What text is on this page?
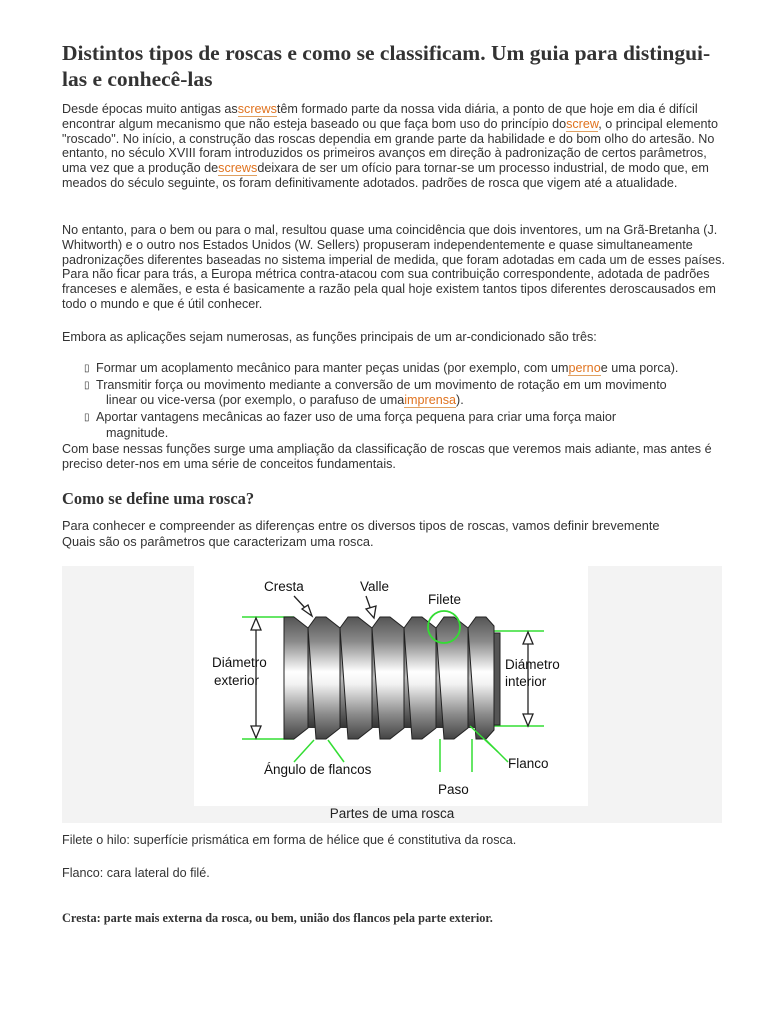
Distintos tipos de roscas e como se classificam. Um guia para distingui-las e conhecê-las

Desde épocas muito antigas asscrewstêm formado parte da nossa vida diária, a ponto de que hoje em dia é difícil encontrar algum mecanismo que não esteja baseado ou que faça bom uso do princípio doscrew, o principal elemento "roscado". No início, a construção das roscas dependia em grande parte da habilidade e do bom olho do artesão. No entanto, no século XVIII foram introduzidos os primeiros avanços em direção à padronização de certos parâmetros, uma vez que a produção descrewsdeixara de ser um ofício para tornar-se um processo industrial, de modo que, em meados do século seguinte, os foram definitivamente adotados. padrões de rosca que vigem até a atualidade.

No entanto, para o bem ou para o mal, resultou quase uma coincidência que dois inventores, um na Grã-Bretanha (J. Whitworth) e o outro nos Estados Unidos (W. Sellers) propuseram independentemente e quase simultaneamente padronizações diferentes baseadas no sistema imperial de medida, que foram adotadas em cada um de esses países. Para não ficar para trás, a Europa métrica contra-atacou com sua contribuição correspondente, adotada de padrões franceses e alemães, e esta é basicamente a razão pela qual hoje existem tantos tipos diferentes deroscausados em todo o mundo e que é útil conhecer.

Embora as aplicações sejam numerosas, as funções principais de um ar-condicionado são três:

▯ Formar um acoplamento mecânico para manter peças unidas (por exemplo, com umpernoe uma porca).
▯ Transmitir força ou movimento mediante a conversão de um movimento de rotação em um movimento
linear ou vice-versa (por exemplo, o parafuso de umaimprensa).
▯ Aportar vantagens mecânicas ao fazer uso de uma força pequena para criar uma força maior
magnitude.

Com base nessas funções surge uma ampliação da classificação de roscas que veremos mais adiante, mas antes é preciso deter-nos em uma série de conceitos fundamentais.

Como se define uma rosca?

Para conhecer e compreender as diferenças entre os diversos tipos de roscas, vamos definir brevemente Quais são os parâmetros que caracterizam uma rosca.

Cresta	Valle
Filete
Diámetro
exterior
Diámetro
interior
Ángulo de flancos
Paso
Flanco
Partes de uma rosca

Filete o hilo: superfície prismática em forma de hélice que é constitutiva da rosca.

Flanco: cara lateral do filé.

Cresta: parte mais externa da rosca, ou bem, união dos flancos pela parte exterior.
